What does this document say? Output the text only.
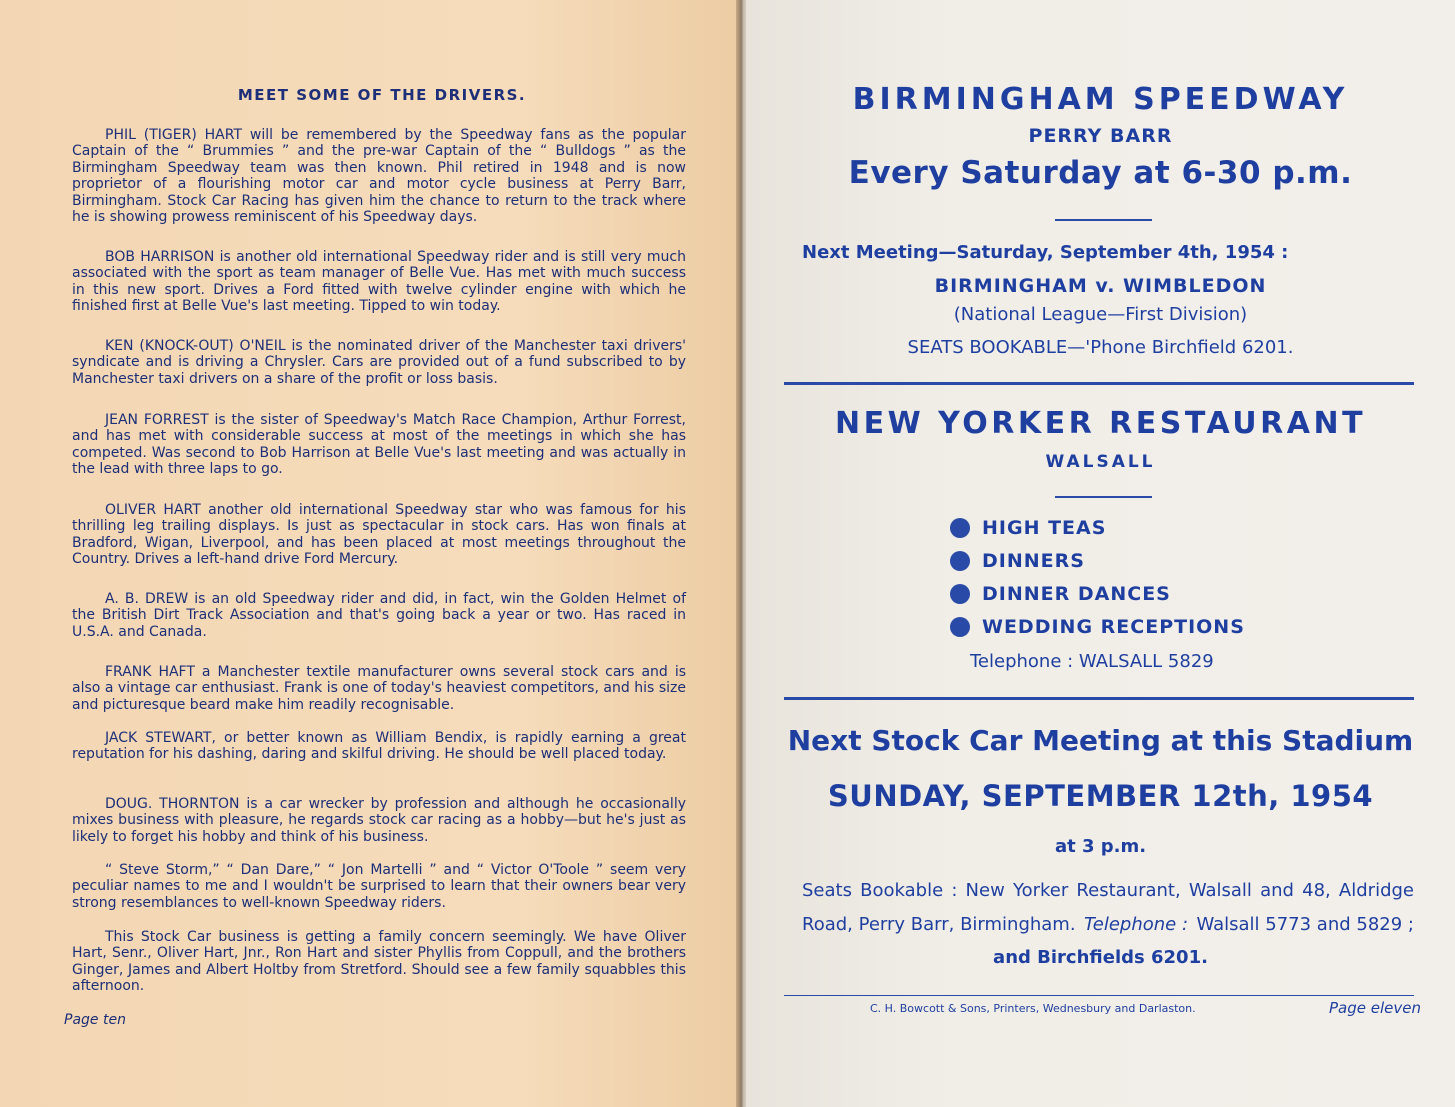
MEET SOME OF THE DRIVERS.
PHIL (TIGER) HART will be remembered by the Speedway fans as the popular Captain of the “ Brummies ” and the pre-war Captain of the “ Bulldogs ” as the Birmingham Speedway team was then known. Phil retired in 1948 and is now proprietor of a flourishing motor car and motor cycle business at Perry Barr, Birmingham. Stock Car Racing has given him the chance to return to the track where he is showing prowess reminiscent of his Speedway days.
BOB HARRISON is another old international Speedway rider and is still very much associated with the sport as team manager of Belle Vue. Has met with much success in this new sport. Drives a Ford fitted with twelve cylinder engine with which he finished first at Belle Vue's last meeting. Tipped to win today.
KEN (KNOCK-OUT) O'NEIL is the nominated driver of the Manchester taxi drivers' syndicate and is driving a Chrysler. Cars are provided out of a fund subscribed to by Manchester taxi drivers on a share of the profit or loss basis.
JEAN FORREST is the sister of Speedway's Match Race Champion, Arthur Forrest, and has met with considerable success at most of the meetings in which she has competed. Was second to Bob Harrison at Belle Vue's last meeting and was actually in the lead with three laps to go.
OLIVER HART another old international Speedway star who was famous for his thrilling leg trailing displays. Is just as spectacular in stock cars. Has won finals at Bradford, Wigan, Liverpool, and has been placed at most meetings throughout the Country. Drives a left-hand drive Ford Mercury.
A. B. DREW is an old Speedway rider and did, in fact, win the Golden Helmet of the British Dirt Track Association and that's going back a year or two. Has raced in U.S.A. and Canada.
FRANK HAFT a Manchester textile manufacturer owns several stock cars and is also a vintage car enthusiast. Frank is one of today's heaviest competitors, and his size and picturesque beard make him readily recognisable.
JACK STEWART, or better known as William Bendix, is rapidly earning a great reputation for his dashing, daring and skilful driving. He should be well placed today.
DOUG. THORNTON is a car wrecker by profession and although he occasionally mixes business with pleasure, he regards stock car racing as a hobby—but he's just as likely to forget his hobby and think of his business.
“ Steve Storm,” “ Dan Dare,” “ Jon Martelli ” and “ Victor O'Toole ” seem very peculiar names to me and I wouldn't be surprised to learn that their owners bear very strong resemblances to well-known Speedway riders.
This Stock Car business is getting a family concern seemingly. We have Oliver Hart, Senr., Oliver Hart, Jnr., Ron Hart and sister Phyllis from Coppull, and the brothers Ginger, James and Albert Holtby from Stretford. Should see a few family squabbles this afternoon.
Page ten
BIRMINGHAM SPEEDWAY
PERRY BARR
Every Saturday at 6-30 p.m.
Next Meeting—Saturday, September 4th, 1954 :
BIRMINGHAM v. WIMBLEDON
(National League—First Division)
SEATS BOOKABLE—'Phone Birchfield 6201.
NEW YORKER RESTAURANT
WALSALL
HIGH TEAS
DINNERS
DINNER DANCES
WEDDING RECEPTIONS
Telephone : WALSALL 5829
Next Stock Car Meeting at this Stadium
SUNDAY, SEPTEMBER 12th, 1954
at 3 p.m.
Seats Bookable : New Yorker Restaurant, Walsall and 48, Aldridge
Road, Perry Barr, Birmingham. Telephone : Walsall 5773 and 5829 ;
and Birchfields 6201.
C. H. Bowcott & Sons, Printers, Wednesbury and Darlaston.	Page eleven
